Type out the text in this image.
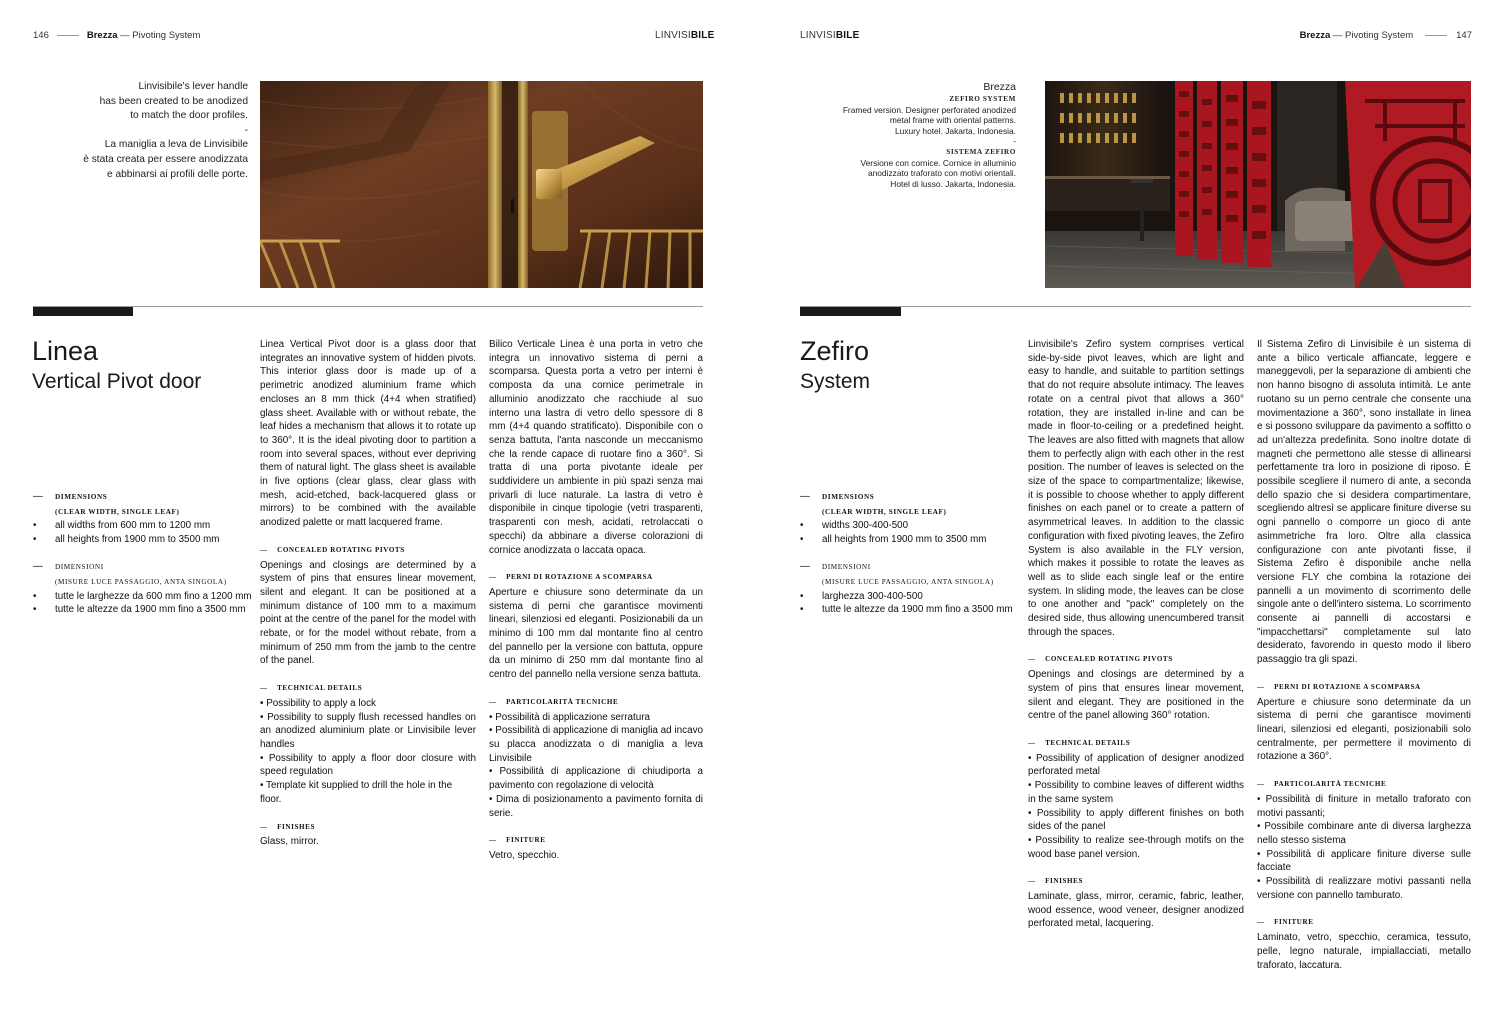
146	Brezza — Pivoting System	LINVISIBILE

Linvisibile's lever handle

has been created to be anodized

to match the door profiles.

-

La maniglia a leva de Linvisibile

è stata creata per essere anodizzata

e abbinarsi ai profili delle porte.

Linea
Vertical Pivot door
— DIMENSIONS
(CLEAR WIDTH, SINGLE LEAF)
• all widths from 600 mm to 1200 mm
• all heights from 1900 mm to 3500 mm
— DIMENSIONI
(MISURE LUCE PASSAGGIO, ANTA SINGOLA)
• tutte le larghezze da 600 mm fino a 1200 mm
• tutte le altezze da 1900 mm fino a 3500 mm

Linea Vertical Pivot door is a glass door that integrates an innovative system of hidden pivots. This interior glass door is made up of a perimetric anodized aluminium frame which encloses an 8 mm thick (4+4 when stratified) glass sheet. Available with or without rebate, the leaf hides a mechanism that allows it to rotate up to 360°. It is the ideal pivoting door to partition a room into several spaces, without ever depriving them of natural light. The glass sheet is available in five options (clear glass, clear glass with mesh, acid-etched, back-lacquered glass or mirrors) to be combined with the available anodized palette or matt lacquered frame.

— CONCEALED ROTATING PIVOTS

Openings and closings are determined by a system of pins that ensures linear movement, silent and elegant. It can be positioned at a minimum distance of 100 mm to a maximum point at the centre of the panel for the model with rebate, or for the model without rebate, from a minimum of 250 mm from the jamb to the centre of the panel.

— TECHNICAL DETAILS

• Possibility to apply a lock

• Possibility to supply flush recessed handles on an anodized aluminium plate or Linvisibile lever handles

• Possibility to apply a floor door closure with speed regulation

• Template kit supplied to drill the hole in the floor.

— FINISHES

Glass, mirror.

Bilico Verticale Linea è una porta in vetro che integra un innovativo sistema di perni a scomparsa. Questa porta a vetro per interni è composta da una cornice perimetrale in alluminio anodizzato che racchiude al suo interno una lastra di vetro dello spessore di 8 mm (4+4 quando stratificato). Disponibile con o senza battuta, l'anta nasconde un meccanismo che la rende capace di ruotare fino a 360°. Si tratta di una porta pivotante ideale per suddividere un ambiente in più spazi senza mai privarli di luce naturale. La lastra di vetro è disponibile in cinque tipologie (vetri trasparenti, trasparenti con mesh, acidati, retrolaccati o specchi) da abbinare a diverse colorazioni di cornice anodizzata o laccata opaca.

— PERNI DI ROTAZIONE A SCOMPARSA

Aperture e chiusure sono determinate da un sistema di perni che garantisce movimenti lineari, silenziosi ed eleganti. Posizionabili da un minimo di 100 mm dal montante fino al centro del pannello per la versione con battuta, oppure da un minimo di 250 mm dal montante fino al centro del pannello nella versione senza battuta.

— PARTICOLARITÀ TECNICHE

• Possibilità di applicazione serratura

• Possibilità di applicazione di maniglia ad incavo su placca anodizzata o di maniglia a leva Linvisibile

• Possibilità di applicazione di chiudiporta a pavimento con regolazione di velocità

• Dima di posizionamento a pavimento fornita di serie.

— FINITURE

Vetro, specchio.

LINVISIBILE	Brezza — Pivoting System	147
Brezza
ZEFIRO SYSTEM
Framed version. Designer perforated anodized
metal frame with oriental patterns.
Luxury hotel. Jakarta, Indonesia.
-
SISTEMA ZEFIRO
Versione con cornice. Cornice in alluminio
anodizzato traforato con motivi orientali.
Hotel di lusso. Jakarta, Indonesia.
Zefiro
System
— DIMENSIONS
(CLEAR WIDTH, SINGLE LEAF)
• widths 300-400-500
• all heights from 1900 mm to 3500 mm
— DIMENSIONI
(MISURE LUCE PASSAGGIO, ANTA SINGOLA)
• larghezza 300-400-500
• tutte le altezze da 1900 mm fino a 3500 mm

Linvisibile's Zefiro system comprises vertical side-by-side pivot leaves, which are light and easy to handle, and suitable to partition settings that do not require absolute intimacy. The leaves rotate on a central pivot that allows a 360° rotation, they are installed in-line and can be made in floor-to-ceiling or a predefined height. The leaves are also fitted with magnets that allow them to perfectly align with each other in the rest position. The number of leaves is selected on the size of the space to compartmentalize; likewise, it is possible to choose whether to apply different finishes on each panel or to create a pattern of asymmetrical leaves. In addition to the classic configuration with fixed pivoting leaves, the Zefiro System is also available in the FLY version, which makes it possible to rotate the leaves as well as to slide each single leaf or the entire system. In sliding mode, the leaves can be close to one another and "pack" completely on the desired side, thus allowing unencumbered transit through the spaces.

— CONCEALED ROTATING PIVOTS

Openings and closings are determined by a system of pins that ensures linear movement, silent and elegant. They are positioned in the centre of the panel allowing 360° rotation.

— TECHNICAL DETAILS

• Possibility of application of designer anodized perforated metal

• Possibility to combine leaves of different widths in the same system

• Possibility to apply different finishes on both sides of the panel

• Possibility to realize see-through motifs on the wood base panel version.

— FINISHES

Laminate, glass, mirror, ceramic, fabric, leather, wood essence, wood veneer, designer anodized perforated metal, lacquering.

Il Sistema Zefiro di Linvisibile è un sistema di ante a bilico verticale affiancate, leggere e maneggevoli, per la separazione di ambienti che non hanno bisogno di assoluta intimità. Le ante ruotano su un perno centrale che consente una movimentazione a 360°, sono installate in linea e si possono sviluppare da pavimento a soffitto o ad un'altezza predefinita. Sono inoltre dotate di magneti che permettono alle stesse di allinearsi perfettamente tra loro in posizione di riposo. È possibile scegliere il numero di ante, a seconda dello spazio che si desidera compartimentare, scegliendo altresì se applicare finiture diverse su ogni pannello o comporre un gioco di ante asimmetriche fra loro. Oltre alla classica configurazione con ante pivotanti fisse, il Sistema Zefiro è disponibile anche nella versione FLY che combina la rotazione dei pannelli a un movimento di scorrimento delle singole ante o dell'intero sistema. Lo scorrimento consente ai pannelli di accostarsi e "impacchettarsi" completamente sul lato desiderato, favorendo in questo modo il libero passaggio tra gli spazi.

— PERNI DI ROTAZIONE A SCOMPARSA

Aperture e chiusure sono determinate da un sistema di perni che garantisce movimenti lineari, silenziosi ed eleganti, posizionabili solo centralmente, per permettere il movimento di rotazione a 360°.

— PARTICOLARITÀ TECNICHE

• Possibilità di finiture in metallo traforato con motivi passanti;

• Possibile combinare ante di diversa larghezza nello stesso sistema

• Possibilità di applicare finiture diverse sulle facciate

• Possibilità di realizzare motivi passanti nella versione con pannello tamburato.

— FINITURE

Laminato, vetro, specchio, ceramica, tessuto, pelle, legno naturale, impiallacciati, metallo traforato, laccatura.
